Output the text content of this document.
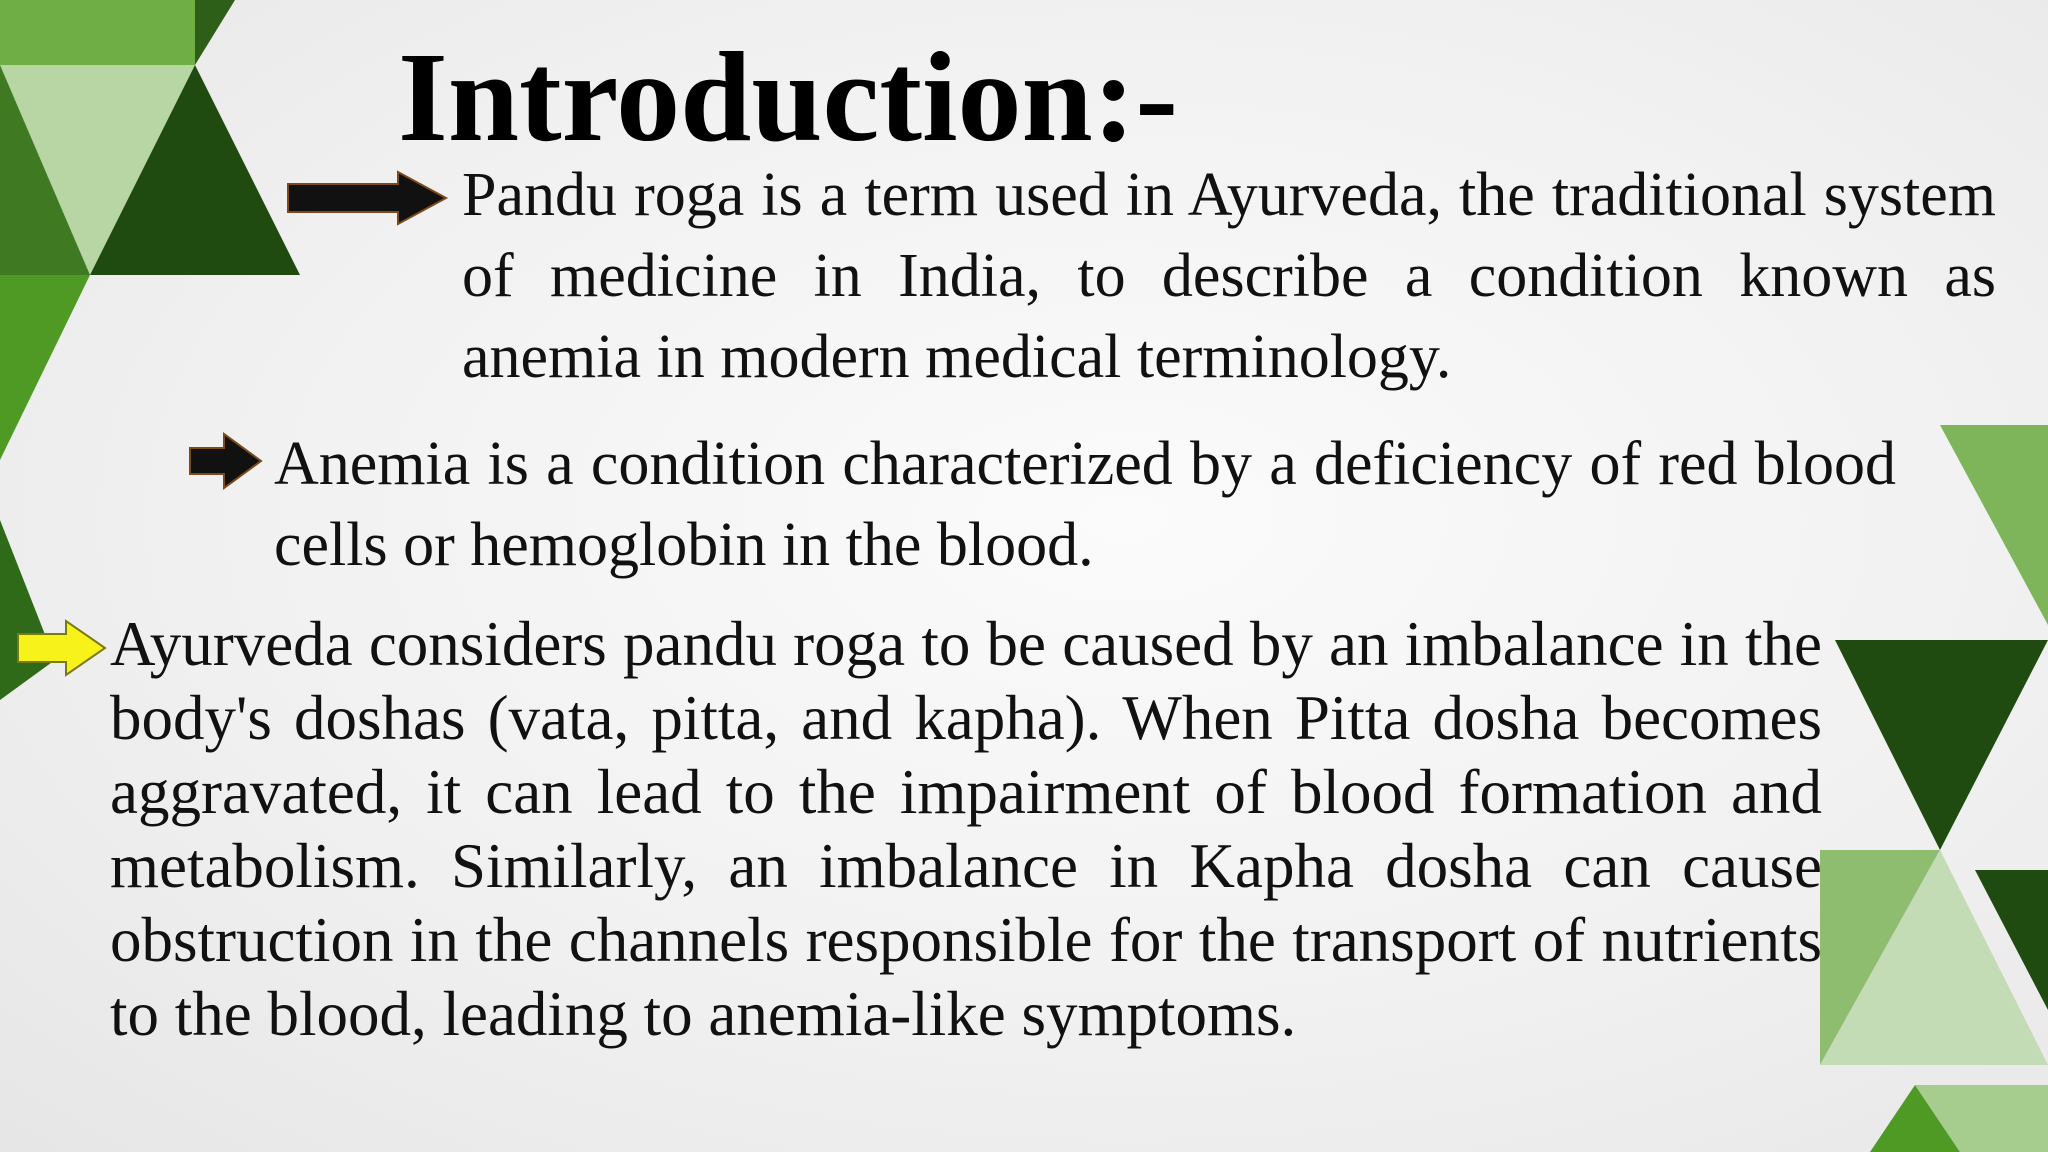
Introduction:-

Pandu roga is a term used in Ayurveda, the traditional system of medicine in India, to describe a condition known as anemia in modern medical terminology.

Anemia is a condition characterized by a deficiency of red blood cells or hemoglobin in the blood.

Ayurveda considers pandu roga to be caused by an imbalance in the body's doshas (vata, pitta, and kapha). When Pitta dosha becomes aggravated, it can lead to the impairment of blood formation and metabolism. Similarly, an imbalance in Kapha dosha can cause obstruction in the channels responsible for the transport of nutrients to the blood, leading to anemia-like symptoms.
